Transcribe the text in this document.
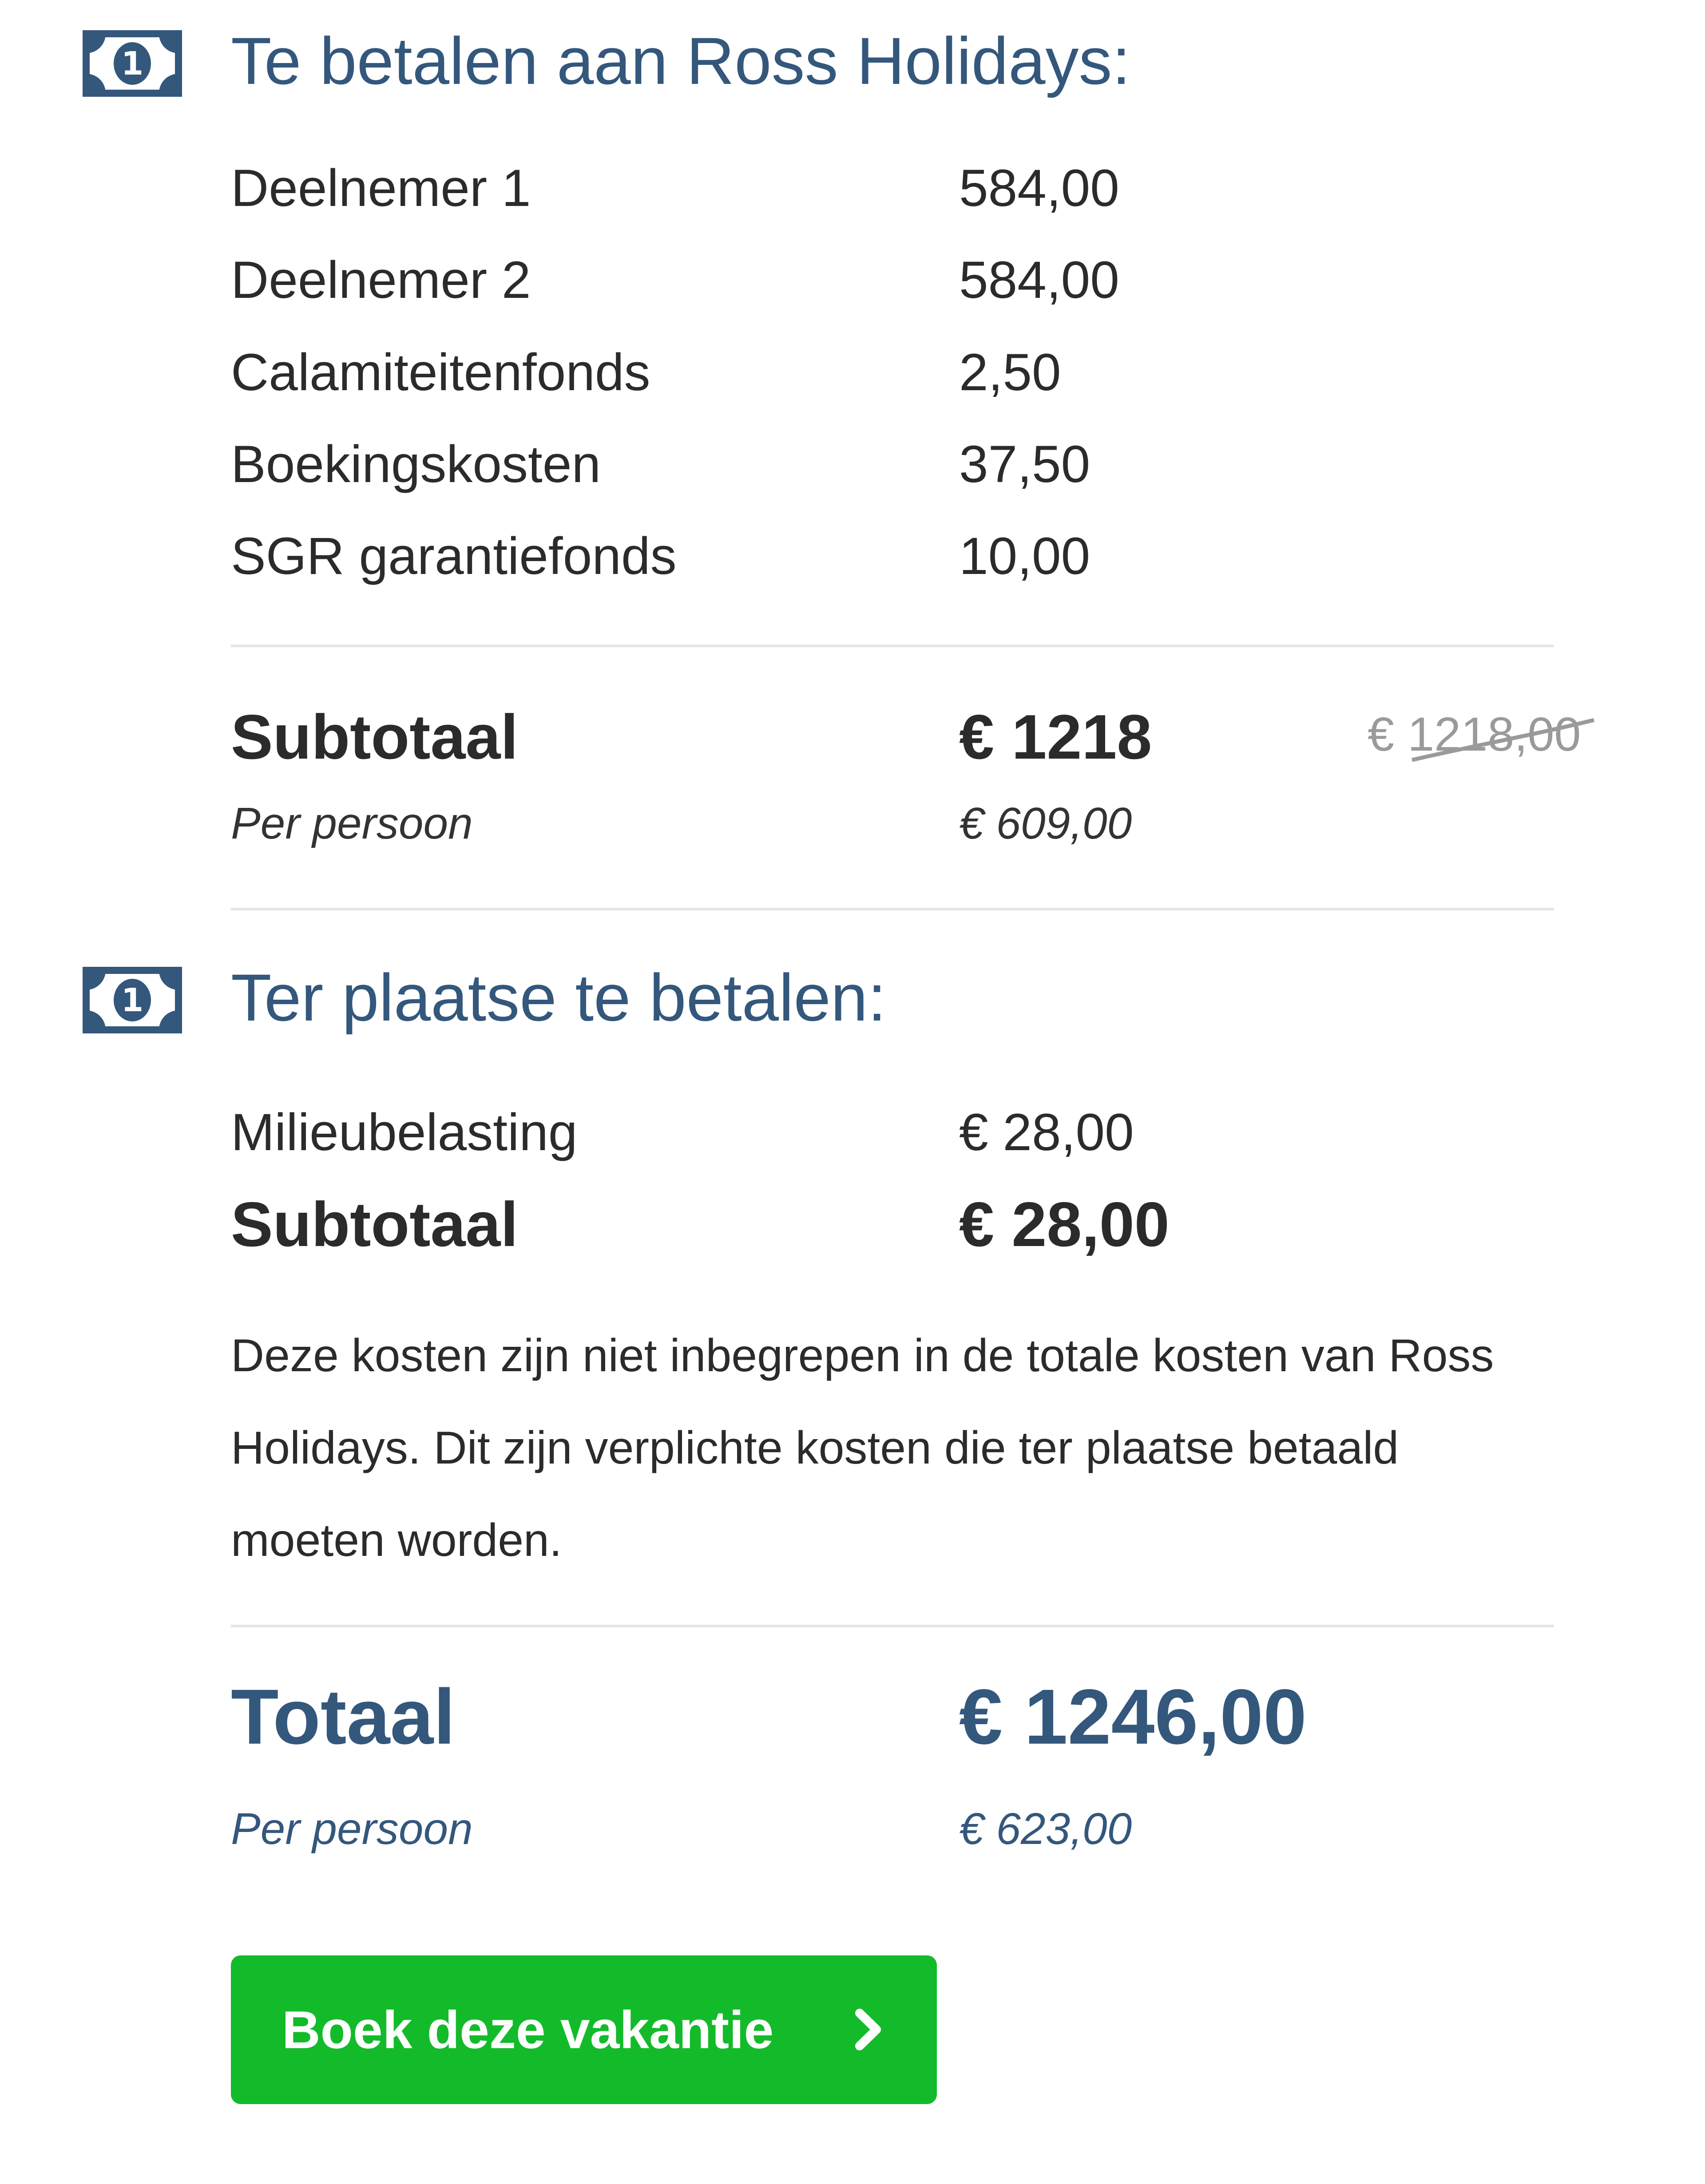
1 Te betalen aan Ross Holidays:
Deelnemer 1	584,00
Deelnemer 2	584,00
Calamiteitenfonds	2,50
Boekingskosten	37,50
SGR garantiefonds	10,00
Subtotaal	€ 1218	€ 1218,00
Per persoon	€ 609,00
1 Ter plaatse te betalen:
Milieubelasting	€ 28,00
Subtotaal	€ 28,00
Deze kosten zijn niet inbegrepen in de totale kosten van Ross Holidays. Dit zijn verplichte kosten die ter plaatse betaald moeten worden.
Totaal	€ 1246,00
Per persoon	€ 623,00
Boek deze vakantie
